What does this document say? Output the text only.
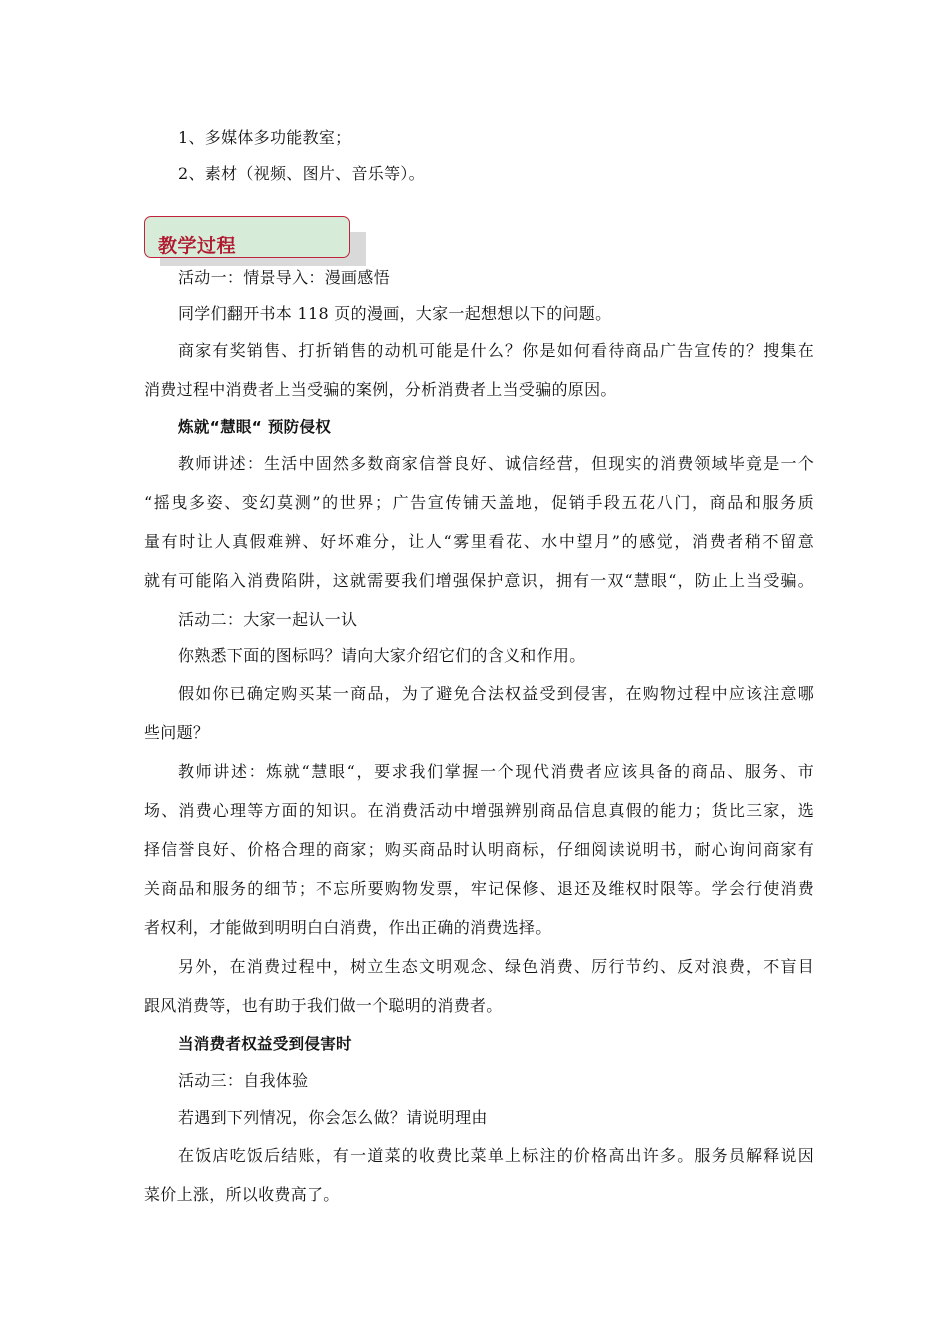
1、多媒体多功能教室；
2、素材（视频、图片、音乐等）。
教学过程
活动一：情景导入：漫画感悟
同学们翻开书本 118 页的漫画，大家一起想想以下的问题。
商家有奖销售、打折销售的动机可能是什么？你是如何看待商品广告宣传的？搜集在
消费过程中消费者上当受骗的案例，分析消费者上当受骗的原因。
炼就“慧眼“ 预防侵权
教师讲述：生活中固然多数商家信誉良好、诚信经营，但现实的消费领域毕竟是一个
“摇曳多姿、变幻莫测”的世界；广告宣传铺天盖地，促销手段五花八门，商品和服务质
量有时让人真假难辨、好坏难分，让人“雾里看花、水中望月”的感觉，消费者稍不留意
就有可能陷入消费陷阱，这就需要我们增强保护意识，拥有一双“慧眼“，防止上当受骗。
活动二：大家一起认一认
你熟悉下面的图标吗？请向大家介绍它们的含义和作用。
假如你已确定购买某一商品，为了避免合法权益受到侵害，在购物过程中应该注意哪
些问题？
教师讲述：炼就“慧眼“，要求我们掌握一个现代消费者应该具备的商品、服务、市
场、消费心理等方面的知识。在消费活动中增强辨别商品信息真假的能力；货比三家，选
择信誉良好、价格合理的商家；购买商品时认明商标，仔细阅读说明书，耐心询问商家有
关商品和服务的细节；不忘所要购物发票，牢记保修、退还及维权时限等。学会行使消费
者权利，才能做到明明白白消费，作出正确的消费选择。
另外，在消费过程中，树立生态文明观念、绿色消费、厉行节约、反对浪费，不盲目
跟风消费等，也有助于我们做一个聪明的消费者。
当消费者权益受到侵害时
活动三：自我体验
若遇到下列情况，你会怎么做？请说明理由
在饭店吃饭后结账，有一道菜的收费比菜单上标注的价格高出许多。服务员解释说因
菜价上涨，所以收费高了。
